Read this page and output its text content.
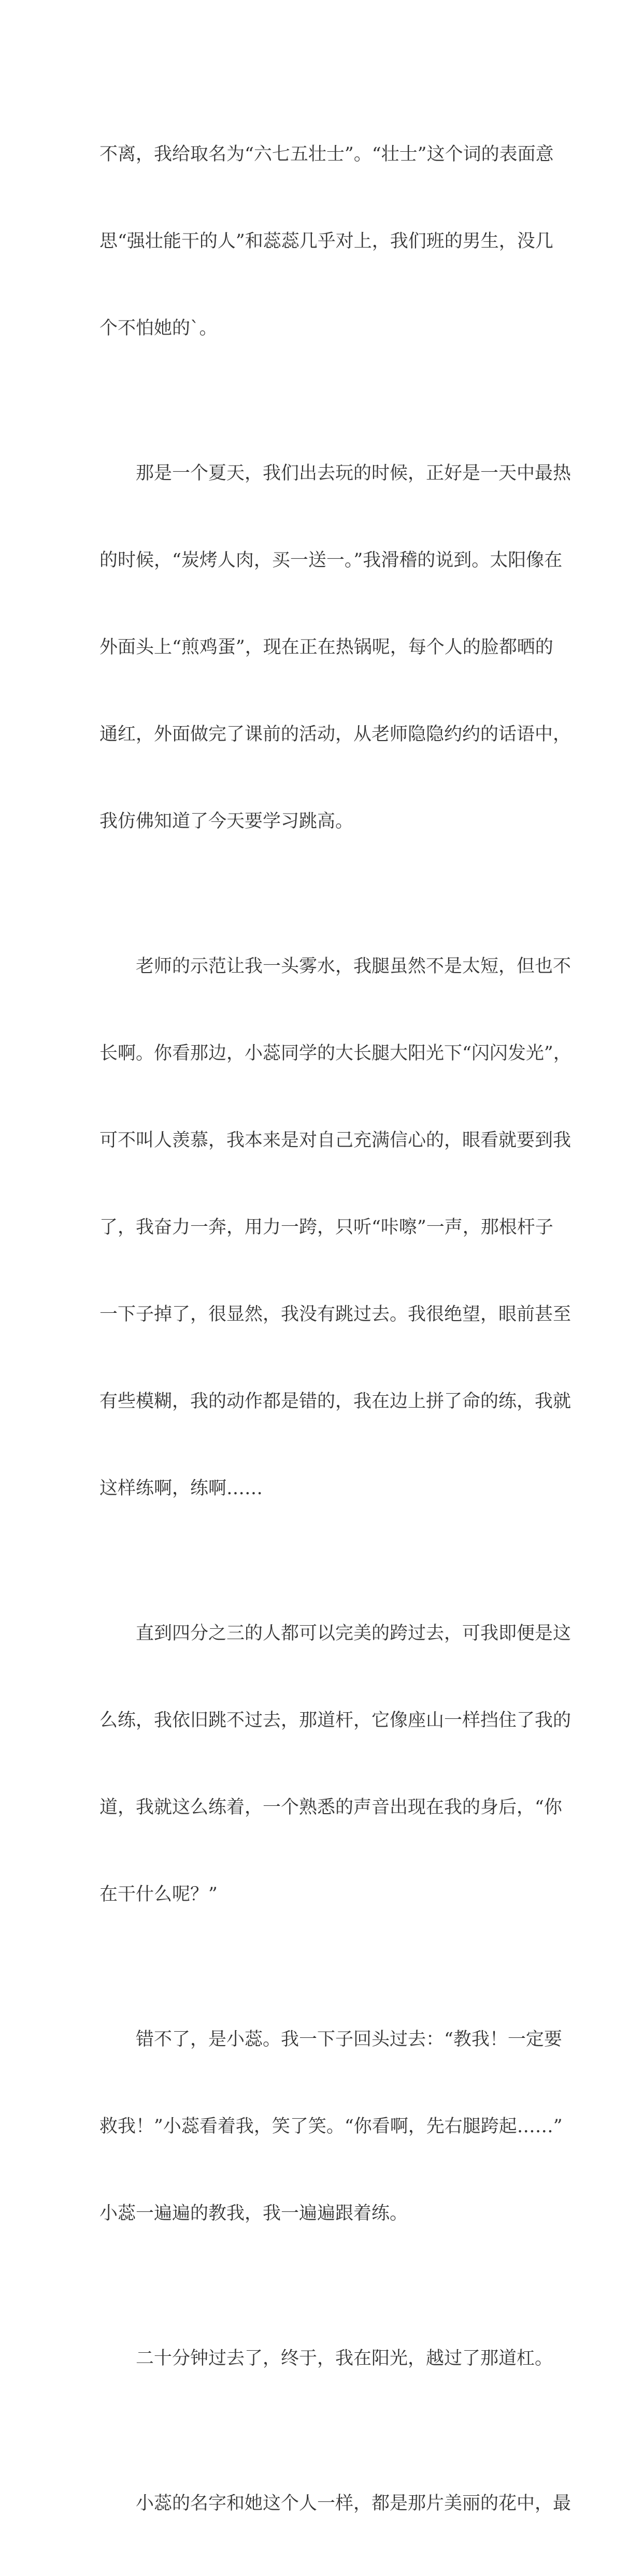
不离，我给取名为“六七五壮士”。“壮士”这个词的表面意

思“强壮能干的人”和蕊蕊几乎对上，我们班的男生，没几

个不怕她的`。

　　那是一个夏天，我们出去玩的时候，正好是一天中最热

的时候，“炭烤人肉，买一送一。”我滑稽的说到。太阳像在

外面头上“煎鸡蛋”，现在正在热锅呢，每个人的脸都晒的

通红，外面做完了课前的活动，从老师隐隐约约的话语中，

我仿佛知道了今天要学习跳高。

　　老师的示范让我一头雾水，我腿虽然不是太短，但也不

长啊。你看那边，小蕊同学的大长腿大阳光下“闪闪发光”，

可不叫人羡慕，我本来是对自己充满信心的，眼看就要到我

了，我奋力一奔，用力一跨，只听“咔嚓”一声，那根杆子

一下子掉了，很显然，我没有跳过去。我很绝望，眼前甚至

有些模糊，我的动作都是错的，我在边上拼了命的练，我就

这样练啊，练啊……

　　直到四分之三的人都可以完美的跨过去，可我即便是这

么练，我依旧跳不过去，那道杆，它像座山一样挡住了我的

道，我就这么练着，一个熟悉的声音出现在我的身后，“你

在干什么呢？”

　　错不了，是小蕊。我一下子回头过去：“教我！一定要

救我！”小蕊看着我，笑了笑。“你看啊，先右腿跨起……”

小蕊一遍遍的教我，我一遍遍跟着练。

　　二十分钟过去了，终于，我在阳光，越过了那道杠。

　　小蕊的名字和她这个人一样，都是那片美丽的花中，最
